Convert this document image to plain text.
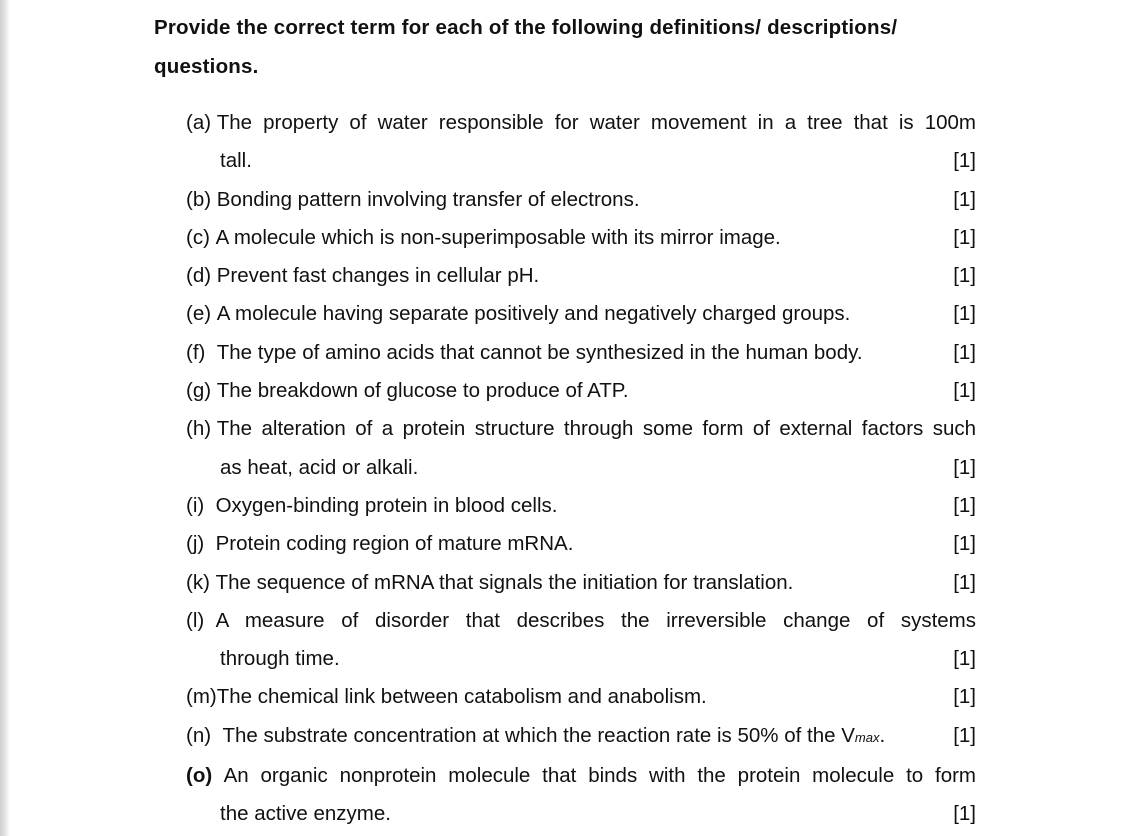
Provide the correct term for each of the following definitions/ descriptions/ questions.
(a) The property of water responsible for water movement in a tree that is 100m
tall.	[1]
(b) Bonding pattern involving transfer of electrons.	[1]
(c) A molecule which is non-superimposable with its mirror image.	[1]
(d) Prevent fast changes in cellular pH.	[1]
(e) A molecule having separate positively and negatively charged groups.	[1]
(f) The type of amino acids that cannot be synthesized in the human body.	[1]
(g) The breakdown of glucose to produce of ATP.	[1]
(h) The alteration of a protein structure through some form of external factors such
as heat, acid or alkali.	[1]
(i) Oxygen-binding protein in blood cells.	[1]
(j) Protein coding region of mature mRNA.	[1]
(k) The sequence of mRNA that signals the initiation for translation.	[1]
(l) A measure of disorder that describes the irreversible change of systems
through time.	[1]
(m) The chemical link between catabolism and anabolism.	[1]
(n) The substrate concentration at which the reaction rate is 50% of the Vmax.	[1]
(o) An organic nonprotein molecule that binds with the protein molecule to form
the active enzyme.	[1]
